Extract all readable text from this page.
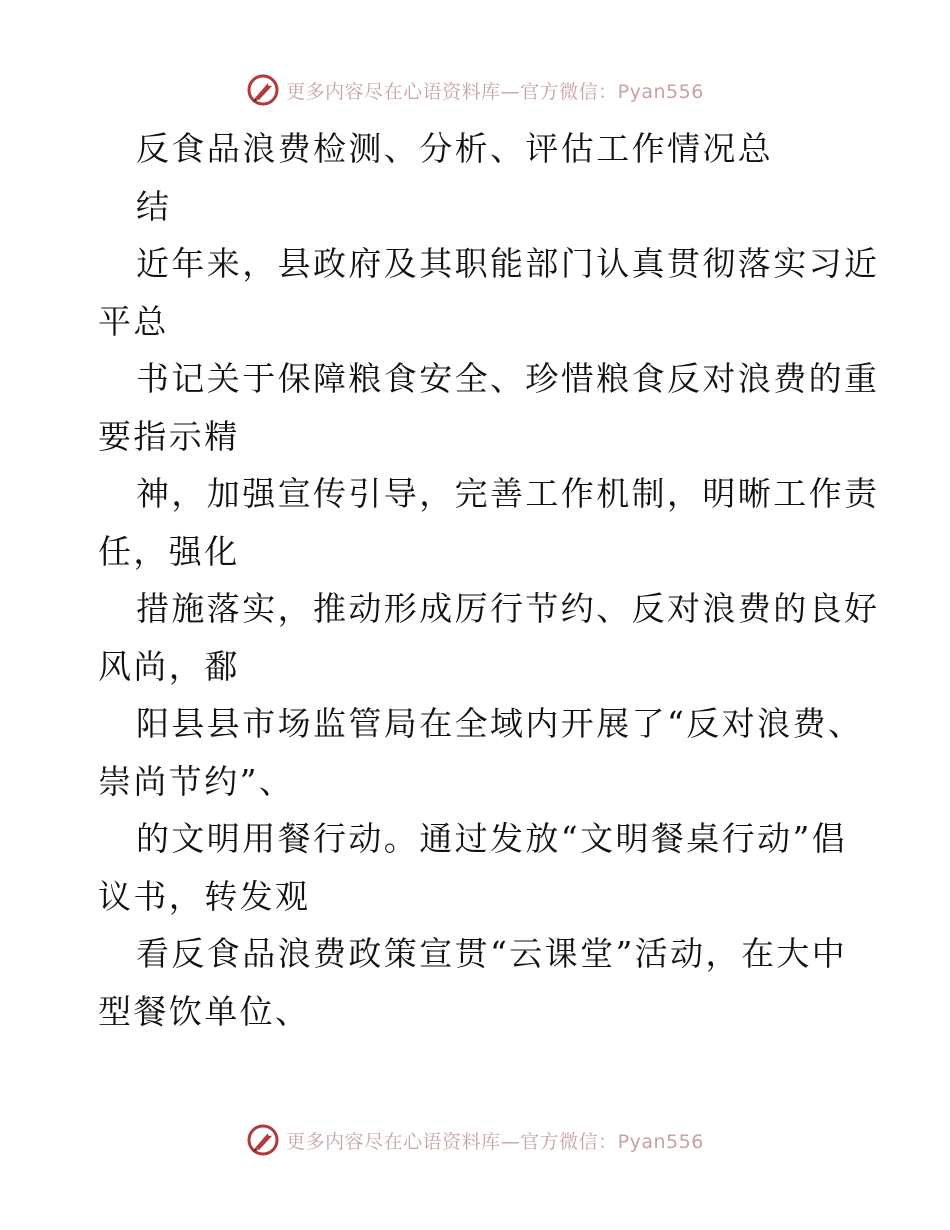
更多内容尽在心语资料库—官方微信：Pyan556
反食品浪费检测、分析、评估工作情况总
结
近年来，县政府及其职能部门认真贯彻落实习近
平总
书记关于保障粮食安全、珍惜粮食反对浪费的重
要指示精
神，加强宣传引导，完善工作机制，明晰工作责
任，强化
措施落实，推动形成厉行节约、反对浪费的良好
风尚，鄱
阳县县市场监管局在全域内开展了“反对浪费、
崇尚节约”、
的文明用餐行动。通过发放“文明餐桌行动”倡
议书，转发观
看反食品浪费政策宣贯“云课堂”活动，在大中
型餐饮单位、
更多内容尽在心语资料库—官方微信：Pyan556
